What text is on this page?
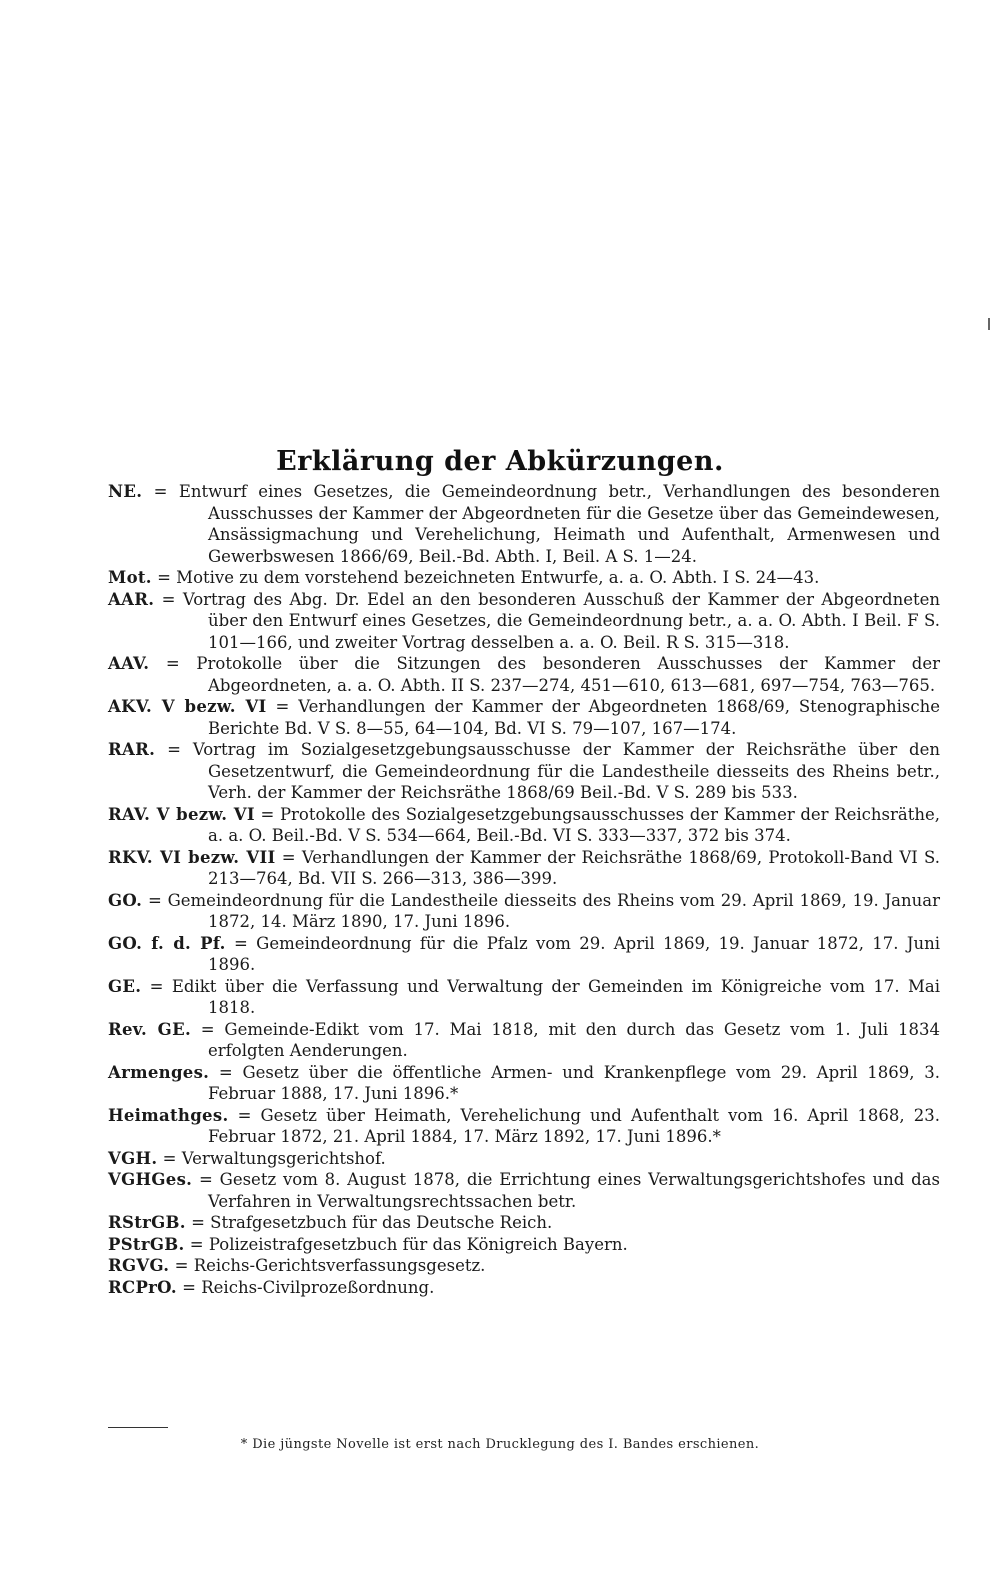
Erklärung der Abkürzungen.

NE. = Entwurf eines Gesetzes, die Gemeindeordnung betr., Verhandlungen des besonderen Ausschusses der Kammer der Abgeordneten für die Gesetze über das Gemeindewesen, Ansässigmachung und Verehelichung, Heimath und Aufenthalt, Armenwesen und Gewerbswesen 1866/69, Beil.-Bd. Abth. I, Beil. A S. 1—24.

Mot. = Motive zu dem vorstehend bezeichneten Entwurfe, a. a. O. Abth. I S. 24—43.

AAR. = Vortrag des Abg. Dr. Edel an den besonderen Ausschuß der Kammer der Abgeordneten über den Entwurf eines Gesetzes, die Gemeindeordnung betr., a. a. O. Abth. I Beil. F S. 101—166, und zweiter Vortrag desselben a. a. O. Beil. R S. 315—318.

AAV. = Protokolle über die Sitzungen des besonderen Ausschusses der Kammer der Abgeordneten, a. a. O. Abth. II S. 237—274, 451—610, 613—681, 697—754, 763—765.

AKV. V bezw. VI = Verhandlungen der Kammer der Abgeordneten 1868/69, Stenographische Berichte Bd. V S. 8—55, 64—104, Bd. VI S. 79—107, 167—174.

RAR. = Vortrag im Sozialgesetzgebungsausschusse der Kammer der Reichsräthe über den Gesetzentwurf, die Gemeindeordnung für die Landestheile diesseits des Rheins betr., Verh. der Kammer der Reichsräthe 1868/69 Beil.-Bd. V S. 289 bis 533.

RAV. V bezw. VI = Protokolle des Sozialgesetzgebungsausschusses der Kammer der Reichsräthe, a. a. O. Beil.-Bd. V S. 534—664, Beil.-Bd. VI S. 333—337, 372 bis 374.

RKV. VI bezw. VII = Verhandlungen der Kammer der Reichsräthe 1868/69, Protokoll-Band VI S. 213—764, Bd. VII S. 266—313, 386—399.

GO. = Gemeindeordnung für die Landestheile diesseits des Rheins vom 29. April 1869, 19. Januar 1872, 14. März 1890, 17. Juni 1896.

GO. f. d. Pf. = Gemeindeordnung für die Pfalz vom 29. April 1869, 19. Januar 1872, 17. Juni 1896.

GE. = Edikt über die Verfassung und Verwaltung der Gemeinden im Königreiche vom 17. Mai 1818.

Rev. GE. = Gemeinde-Edikt vom 17. Mai 1818, mit den durch das Gesetz vom 1. Juli 1834 erfolgten Aenderungen.

Armenges. = Gesetz über die öffentliche Armen- und Krankenpflege vom 29. April 1869, 3. Februar 1888, 17. Juni 1896.*

Heimathges. = Gesetz über Heimath, Verehelichung und Aufenthalt vom 16. April 1868, 23. Februar 1872, 21. April 1884, 17. März 1892, 17. Juni 1896.*

VGH. = Verwaltungsgerichtshof.

VGHGes. = Gesetz vom 8. August 1878, die Errichtung eines Verwaltungsgerichtshofes und das Verfahren in Verwaltungsrechtssachen betr.

RStrGB. = Strafgesetzbuch für das Deutsche Reich.

PStrGB. = Polizeistrafgesetzbuch für das Königreich Bayern.

RGVG. = Reichs-Gerichtsverfassungsgesetz.

RCPrO. = Reichs-Civilprozeßordnung.

* Die jüngste Novelle ist erst nach Drucklegung des I. Bandes erschienen.
